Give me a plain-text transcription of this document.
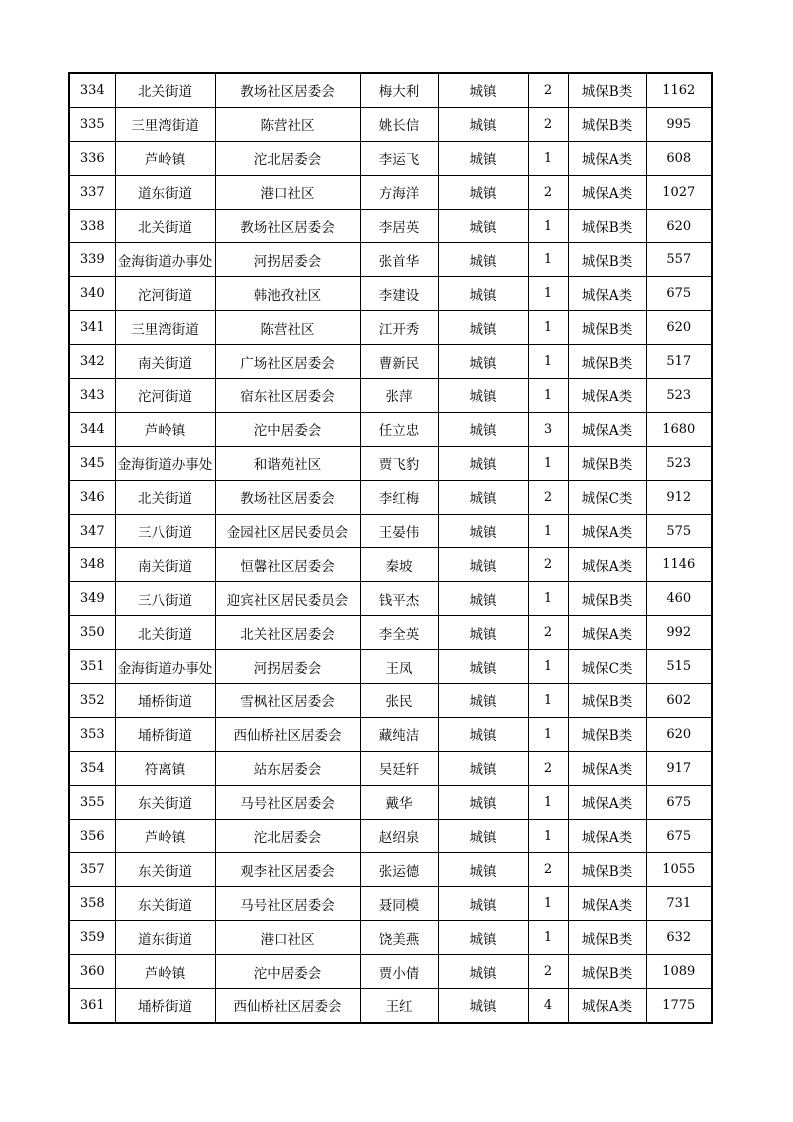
334	北关街道	教场社区居委会	梅大利	城镇	2	城保B类	1162
335	三里湾街道	陈营社区	姚长信	城镇	2	城保B类	995
336	芦岭镇	沱北居委会	李运飞	城镇	1	城保A类	608
337	道东街道	港口社区	方海洋	城镇	2	城保A类	1027
338	北关街道	教场社区居委会	李居英	城镇	1	城保B类	620
339	金海街道办事处	河拐居委会	张首华	城镇	1	城保B类	557
340	沱河街道	韩池孜社区	李建设	城镇	1	城保A类	675
341	三里湾街道	陈营社区	江开秀	城镇	1	城保B类	620
342	南关街道	广场社区居委会	曹新民	城镇	1	城保B类	517
343	沱河街道	宿东社区居委会	张萍	城镇	1	城保A类	523
344	芦岭镇	沱中居委会	任立忠	城镇	3	城保A类	1680
345	金海街道办事处	和谐苑社区	贾飞豹	城镇	1	城保B类	523
346	北关街道	教场社区居委会	李红梅	城镇	2	城保C类	912
347	三八街道	金园社区居民委员会	王晏伟	城镇	1	城保A类	575
348	南关街道	恒馨社区居委会	秦坡	城镇	2	城保A类	1146
349	三八街道	迎宾社区居民委员会	钱平杰	城镇	1	城保B类	460
350	北关街道	北关社区居委会	李全英	城镇	2	城保A类	992
351	金海街道办事处	河拐居委会	王凤	城镇	1	城保C类	515
352	埇桥街道	雪枫社区居委会	张民	城镇	1	城保B类	602
353	埇桥街道	西仙桥社区居委会	藏纯洁	城镇	1	城保B类	620
354	符离镇	站东居委会	吴廷轩	城镇	2	城保A类	917
355	东关街道	马号社区居委会	戴华	城镇	1	城保A类	675
356	芦岭镇	沱北居委会	赵绍泉	城镇	1	城保A类	675
357	东关街道	观李社区居委会	张运德	城镇	2	城保B类	1055
358	东关街道	马号社区居委会	聂同模	城镇	1	城保A类	731
359	道东街道	港口社区	饶美燕	城镇	1	城保B类	632
360	芦岭镇	沱中居委会	贾小倩	城镇	2	城保B类	1089
361	埇桥街道	西仙桥社区居委会	王红	城镇	4	城保A类	1775
